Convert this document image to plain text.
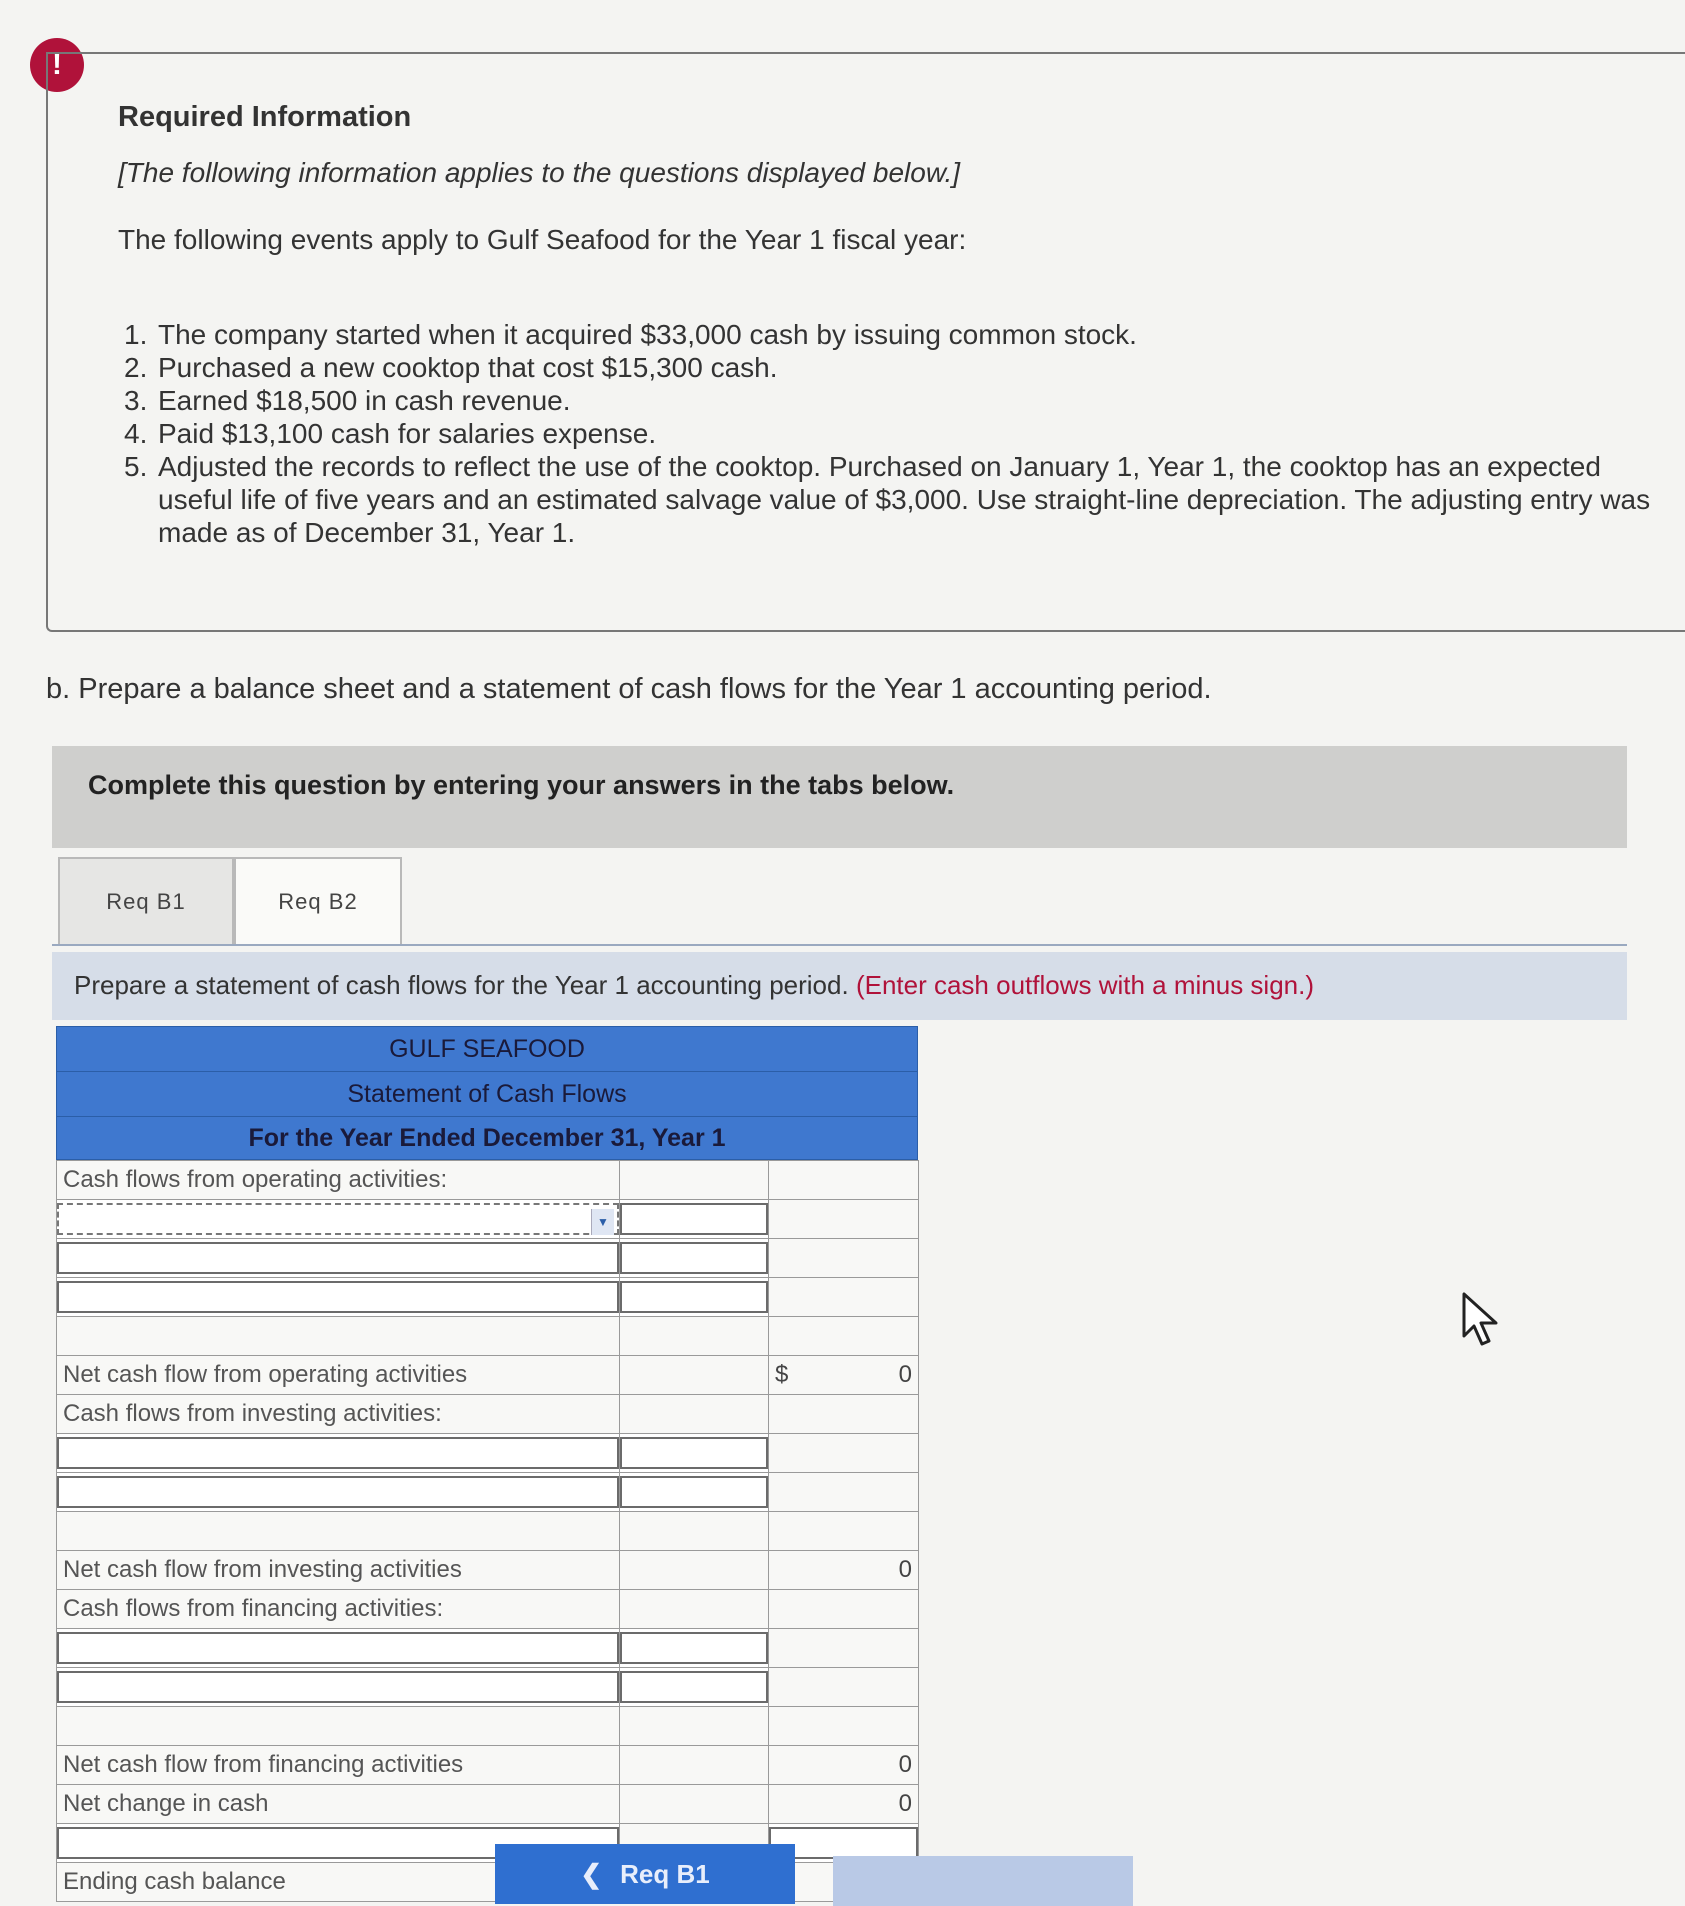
!
Required Information
[The following information applies to the questions displayed below.]
The following events apply to Gulf Seafood for the Year 1 fiscal year:
1. The company started when it acquired $33,000 cash by issuing common stock.
2. Purchased a new cooktop that cost $15,300 cash.
3. Earned $18,500 in cash revenue.
4. Paid $13,100 cash for salaries expense.
5. Adjusted the records to reflect the use of the cooktop. Purchased on January 1, Year 1, the cooktop has an expected useful life of five years and an estimated salvage value of $3,000. Use straight-line depreciation. The adjusting entry was made as of December 31, Year 1.
b. Prepare a balance sheet and a statement of cash flows for the Year 1 accounting period.
Complete this question by entering your answers in the tabs below.
Req B1	Req B2
Prepare a statement of cash flows for the Year 1 accounting period. (Enter cash outflows with a minus sign.)
GULF SEAFOOD
Statement of Cash Flows
For the Year Ended December 31, Year 1
Cash flows from operating activities:		

▼		

Net cash flow from operating activities		$ 0

Cash flows from investing activities:		

Net cash flow from investing activities		0
Cash flows from financing activities:		

Net cash flow from financing activities		0
Net change in cash		0

Ending cash balance			❮ Req B1
